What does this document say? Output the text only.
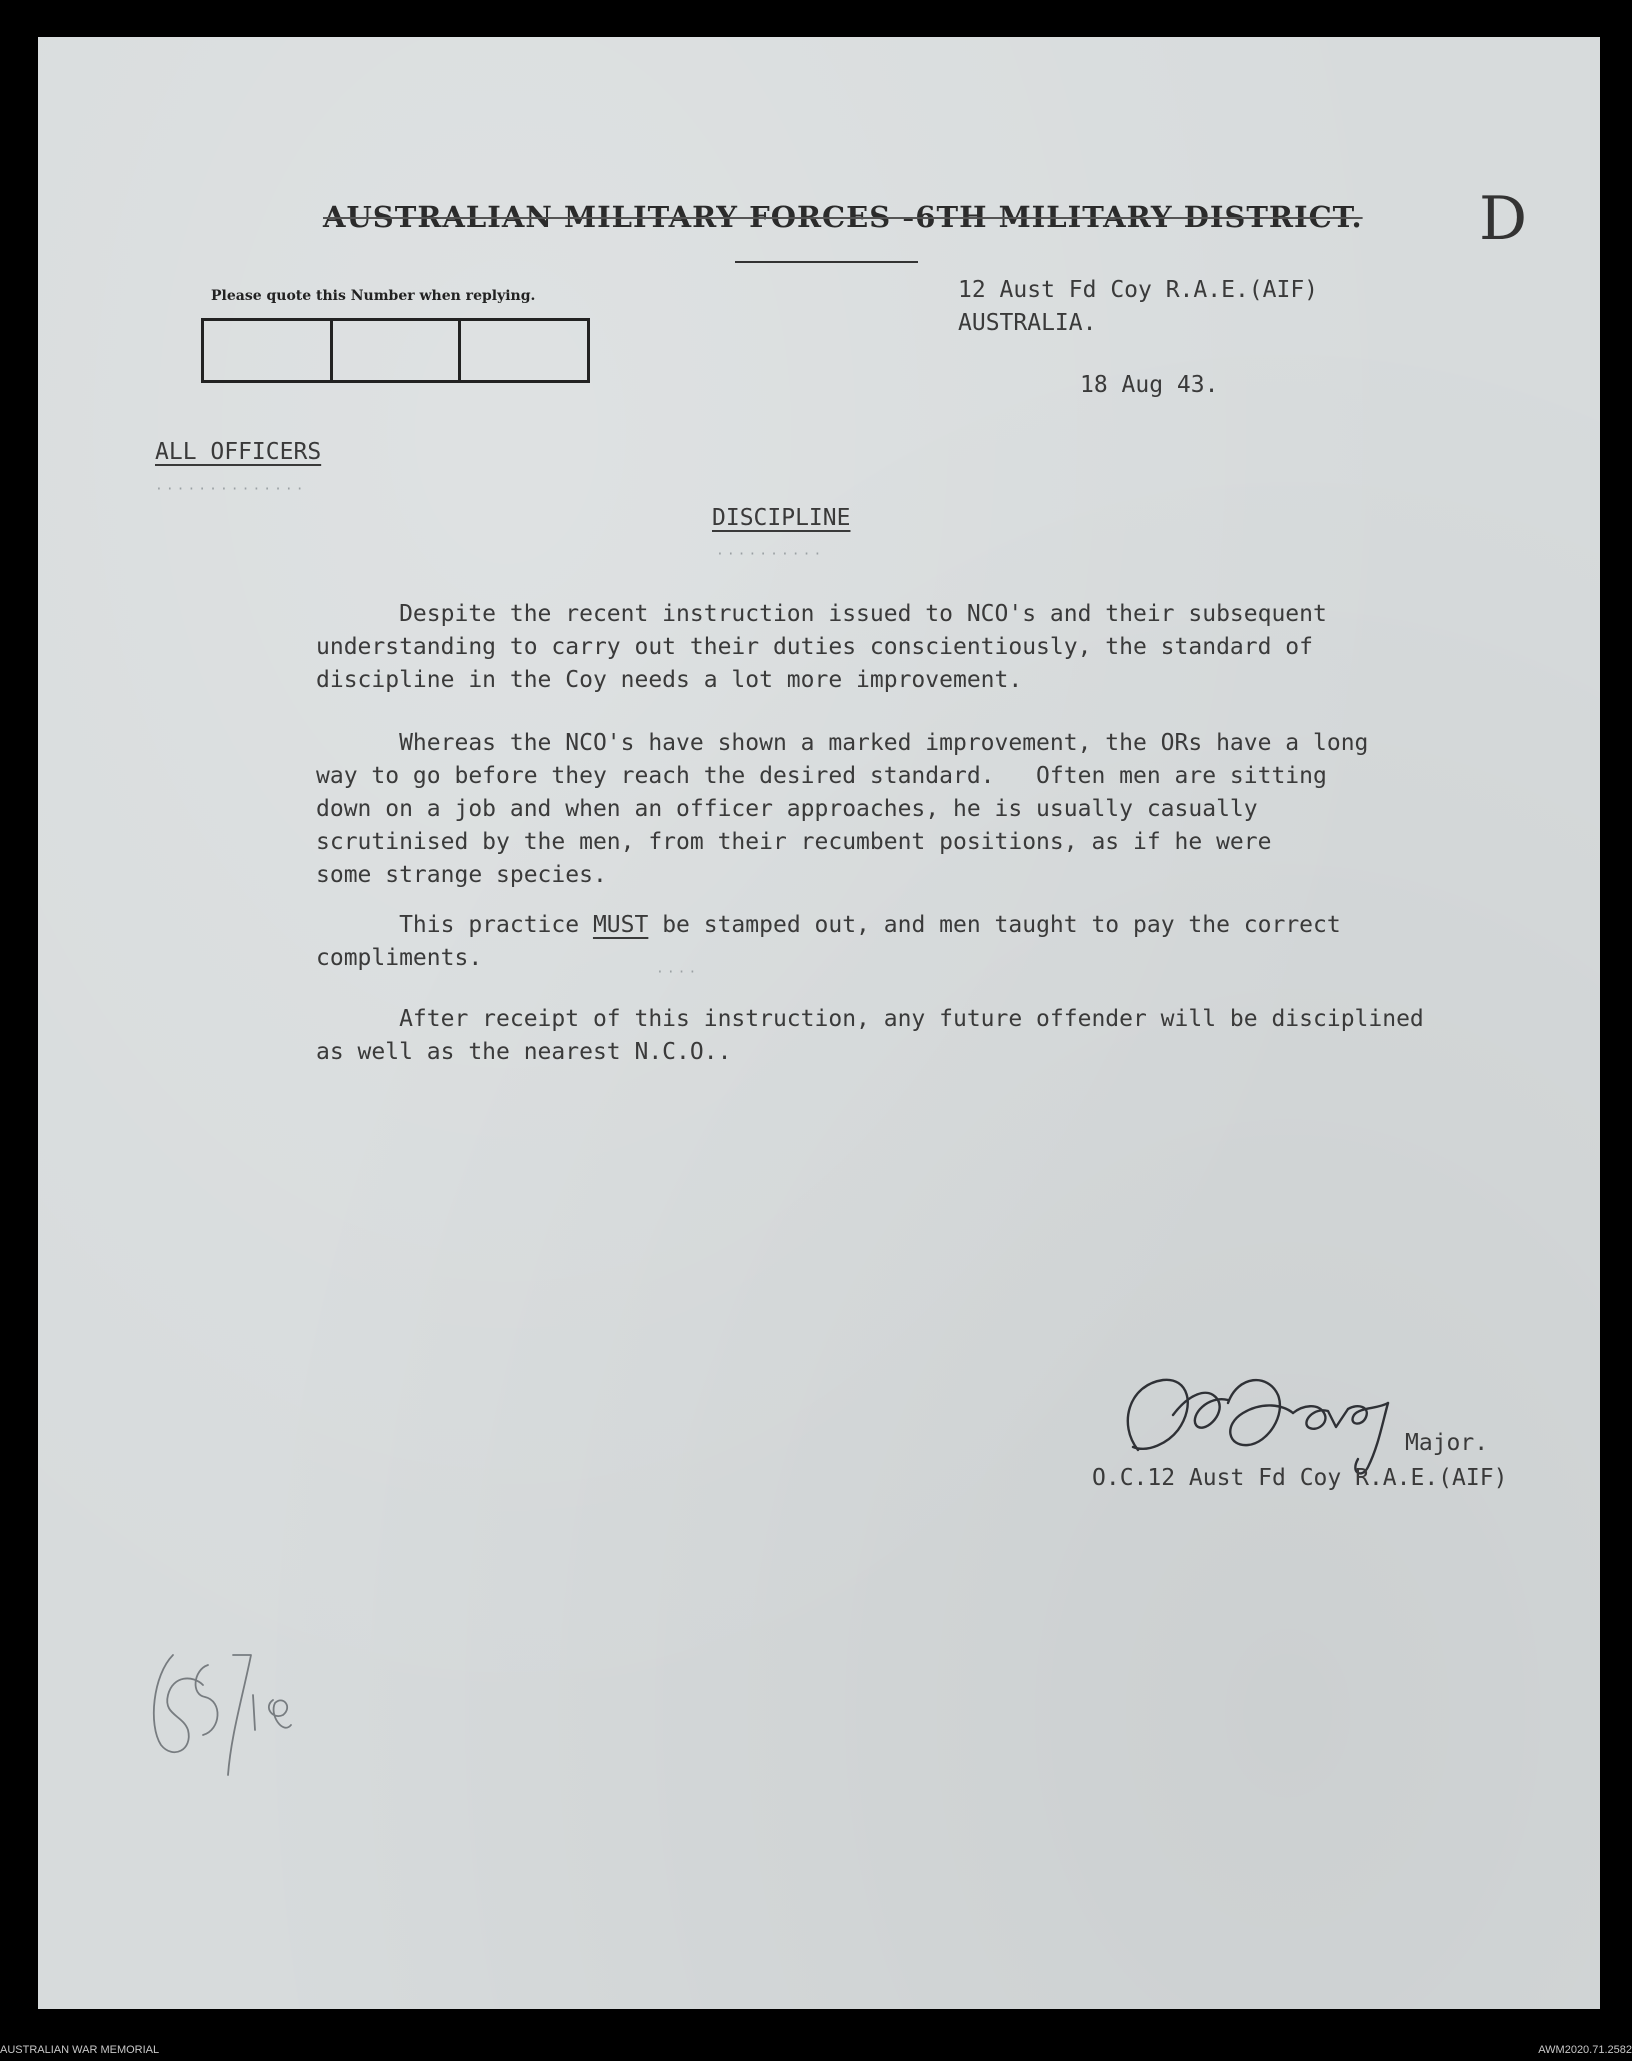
AUSTRALIAN MILITARY FORCES -6TH MILITARY DISTRICT.	D
Please quote this Number when replying.	12 Aust Fd Coy R.A.E.(AIF)
AUSTRALIA.
18 Aug 43.
ALL OFFICERS
··············
DISCIPLINE
··········
Despite the recent instruction issued to NCO's and their subsequent
understanding to carry out their duties conscientiously, the standard of
discipline in the Coy needs a lot more improvement.
Whereas the NCO's have shown a marked improvement, the ORs have a long
way to go before they reach the desired standard.   Often men are sitting
down on a job and when an officer approaches, he is usually casually
scrutinised by the men, from their recumbent positions, as if he were
some strange species.
This practice MUST be stamped out, and men taught to pay the correct
compliments.
····
After receipt of this instruction, any future offender will be disciplined
as well as the nearest N.C.O..
Major.
O.C.12 Aust Fd Coy R.A.E.(AIF)
AUSTRALIAN WAR MEMORIAL	AWM2020.71.2582
